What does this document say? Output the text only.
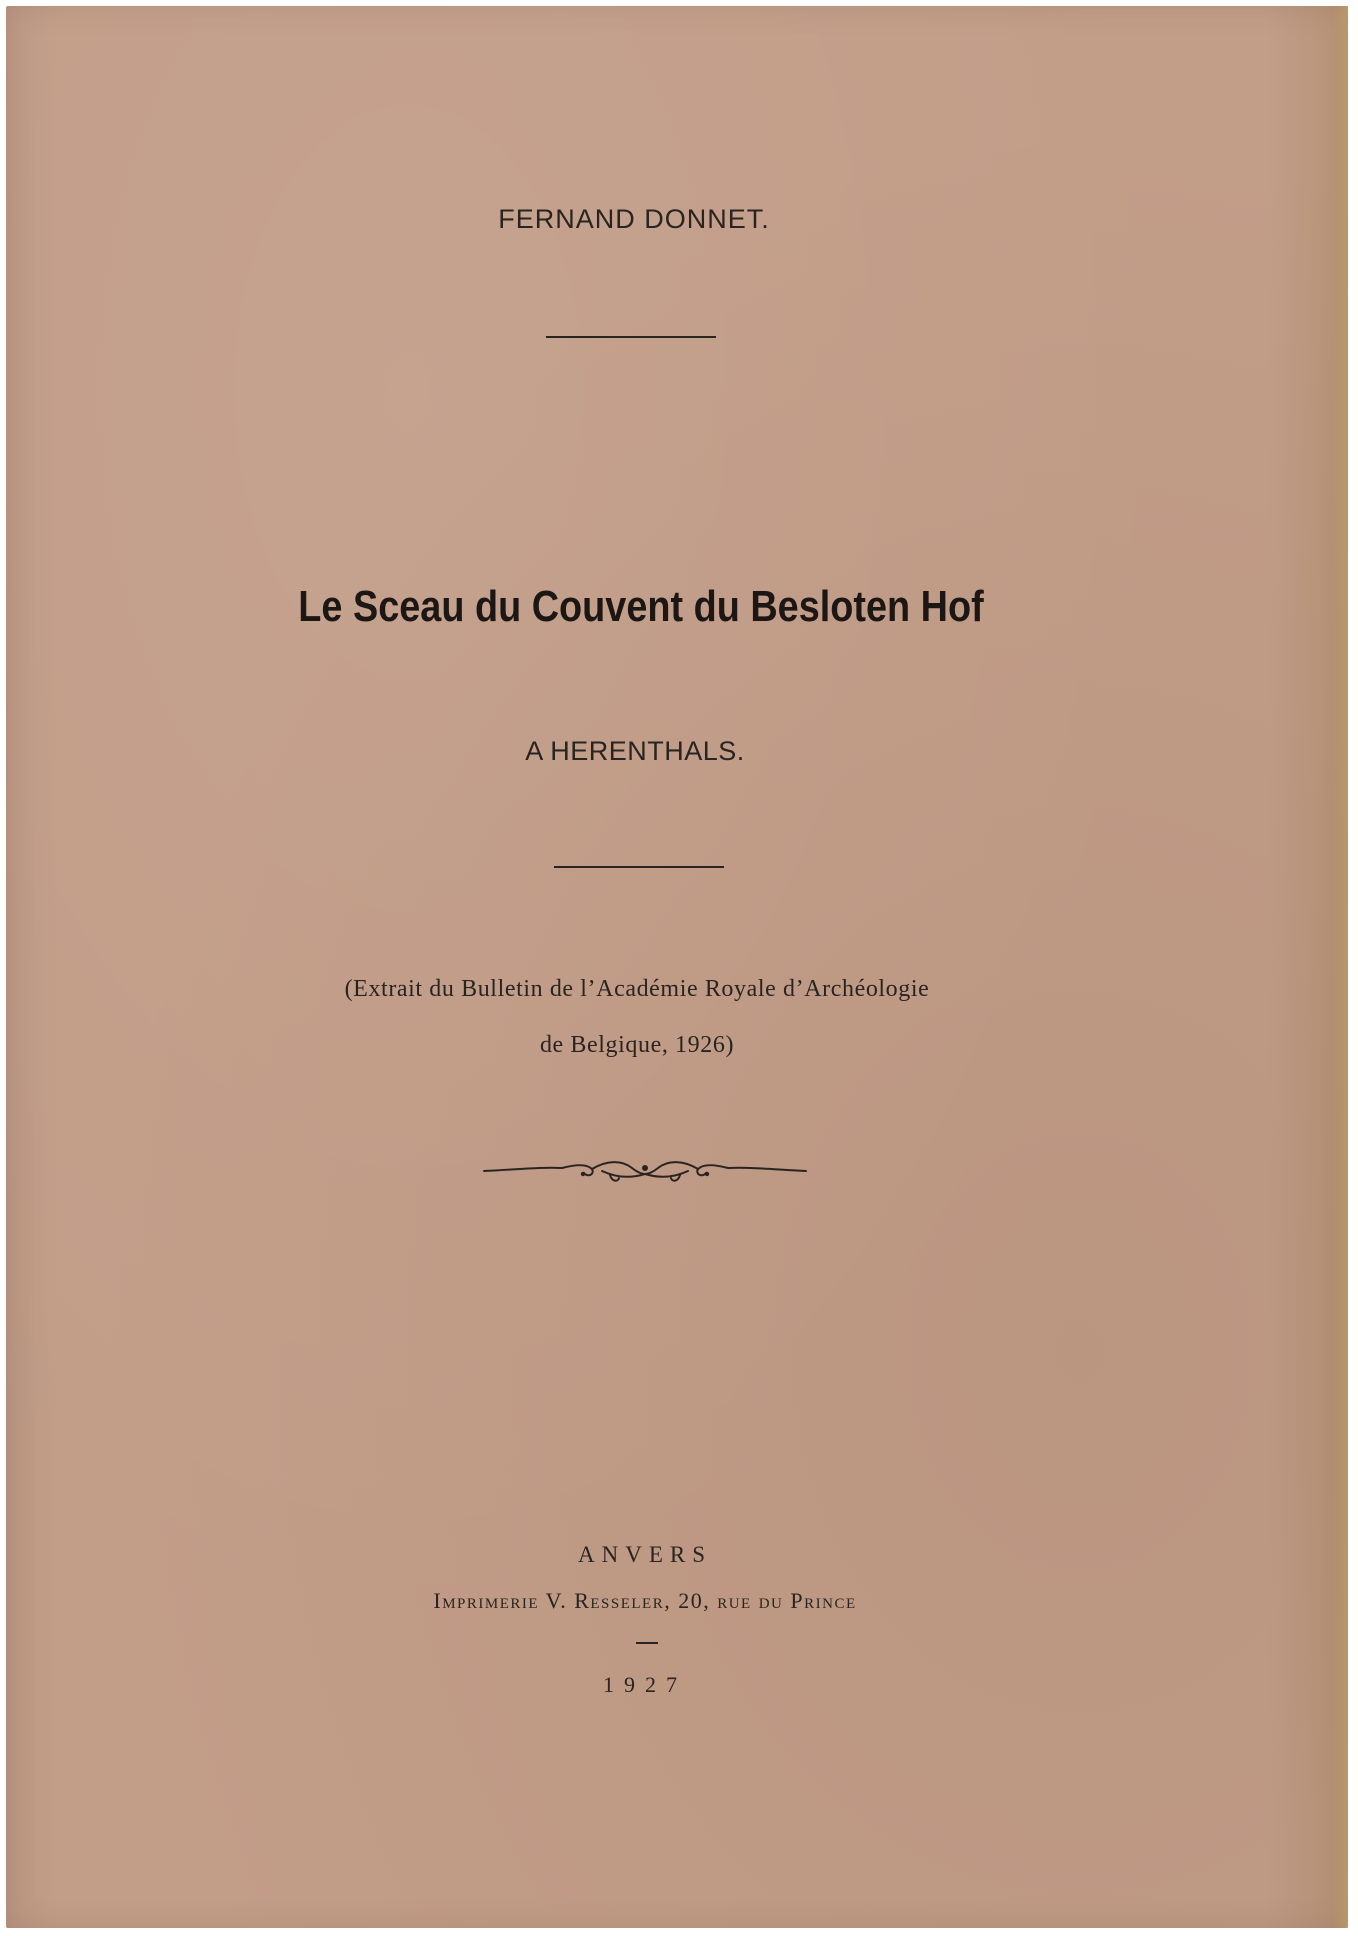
FERNAND DONNET.
Le Sceau du Couvent du Besloten Hof
A HERENTHALS.
(Extrait du Bulletin de l’Académie Royale d’Archéologie
de Belgique, 1926)
ANVERS
Imprimerie V. Resseler, 20, rue du Prince
1927
